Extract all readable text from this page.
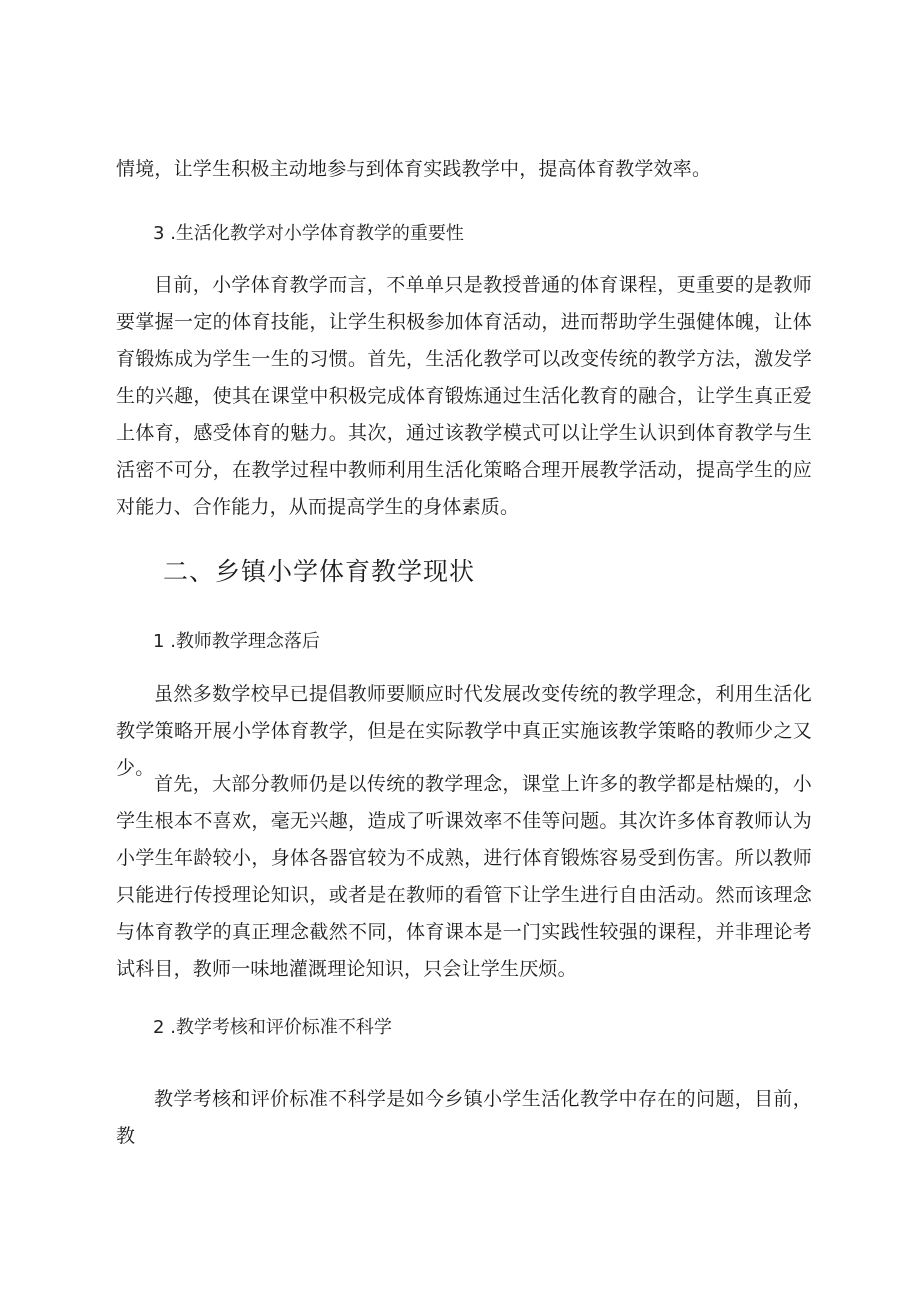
情境，让学生积极主动地参与到体育实践教学中，提高体育教学效率。

3 .生活化教学对小学体育教学的重要性

目前，小学体育教学而言，不单单只是教授普通的体育课程，更重要的是教师要掌握一定的体育技能，让学生积极参加体育活动，进而帮助学生强健体魄，让体育锻炼成为学生一生的习惯。首先，生活化教学可以改变传统的教学方法，激发学生的兴趣，使其在课堂中积极完成体育锻炼通过生活化教育的融合，让学生真正爱上体育，感受体育的魅力。其次，通过该教学模式可以让学生认识到体育教学与生活密不可分，在教学过程中教师利用生活化策略合理开展教学活动，提高学生的应对能力、合作能力，从而提高学生的身体素质。

二、乡镇小学体育教学现状

1 .教师教学理念落后

虽然多数学校早已提倡教师要顺应时代发展改变传统的教学理念，利用生活化教学策略开展小学体育教学，但是在实际教学中真正实施该教学策略的教师少之又少。

首先，大部分教师仍是以传统的教学理念，课堂上许多的教学都是枯燥的，小学生根本不喜欢，毫无兴趣，造成了听课效率不佳等问题。其次许多体育教师认为小学生年龄较小，身体各器官较为不成熟，进行体育锻炼容易受到伤害。所以教师只能进行传授理论知识，或者是在教师的看管下让学生进行自由活动。然而该理念与体育教学的真正理念截然不同，体育课本是一门实践性较强的课程，并非理论考试科目，教师一味地灌溉理论知识，只会让学生厌烦。

2 .教学考核和评价标准不科学

教学考核和评价标准不科学是如今乡镇小学生活化教学中存在的问题，目前，教
